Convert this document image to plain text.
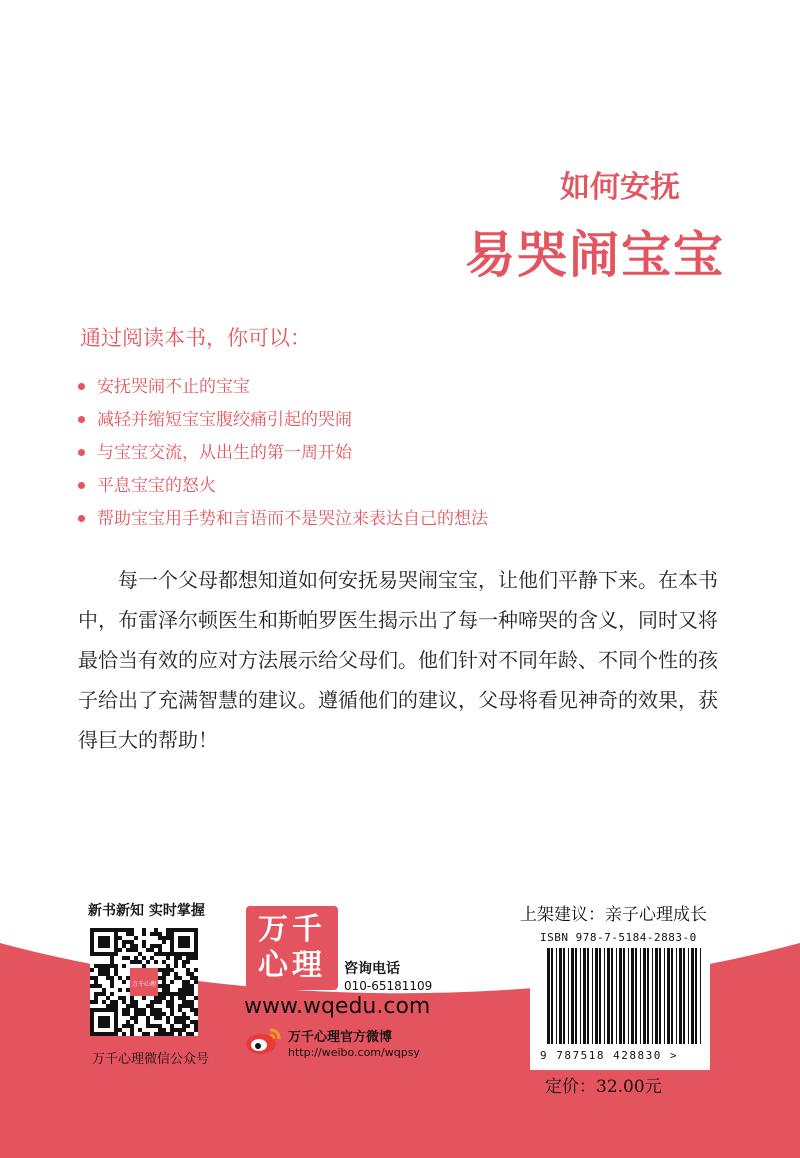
如何安抚
易哭闹宝宝
通过阅读本书，你可以：
安抚哭闹不止的宝宝
减轻并缩短宝宝腹绞痛引起的哭闹
与宝宝交流，从出生的第一周开始
平息宝宝的怒火
帮助宝宝用手势和言语而不是哭泣来表达自己的想法
每一个父母都想知道如何安抚易哭闹宝宝，让他们平静下来。在本书中，布雷泽尔顿医生和斯帕罗医生揭示出了每一种啼哭的含义，同时又将最恰当有效的应对方法展示给父母们。他们针对不同年龄、不同个性的孩子给出了充满智慧的建议。遵循他们的建议，父母将看见神奇的效果，获得巨大的帮助！
新书新知 实时掌握
万千心理
万千心理微信公众号
万千
心理 咨询电话
010-65181109
www.wqedu.com
万千心理官方微博
http://weibo.com/wqpsy
上架建议：亲子心理成长
ISBN 978-7-5184-2883-0
9 787518 428830 >
定价：32.00元
